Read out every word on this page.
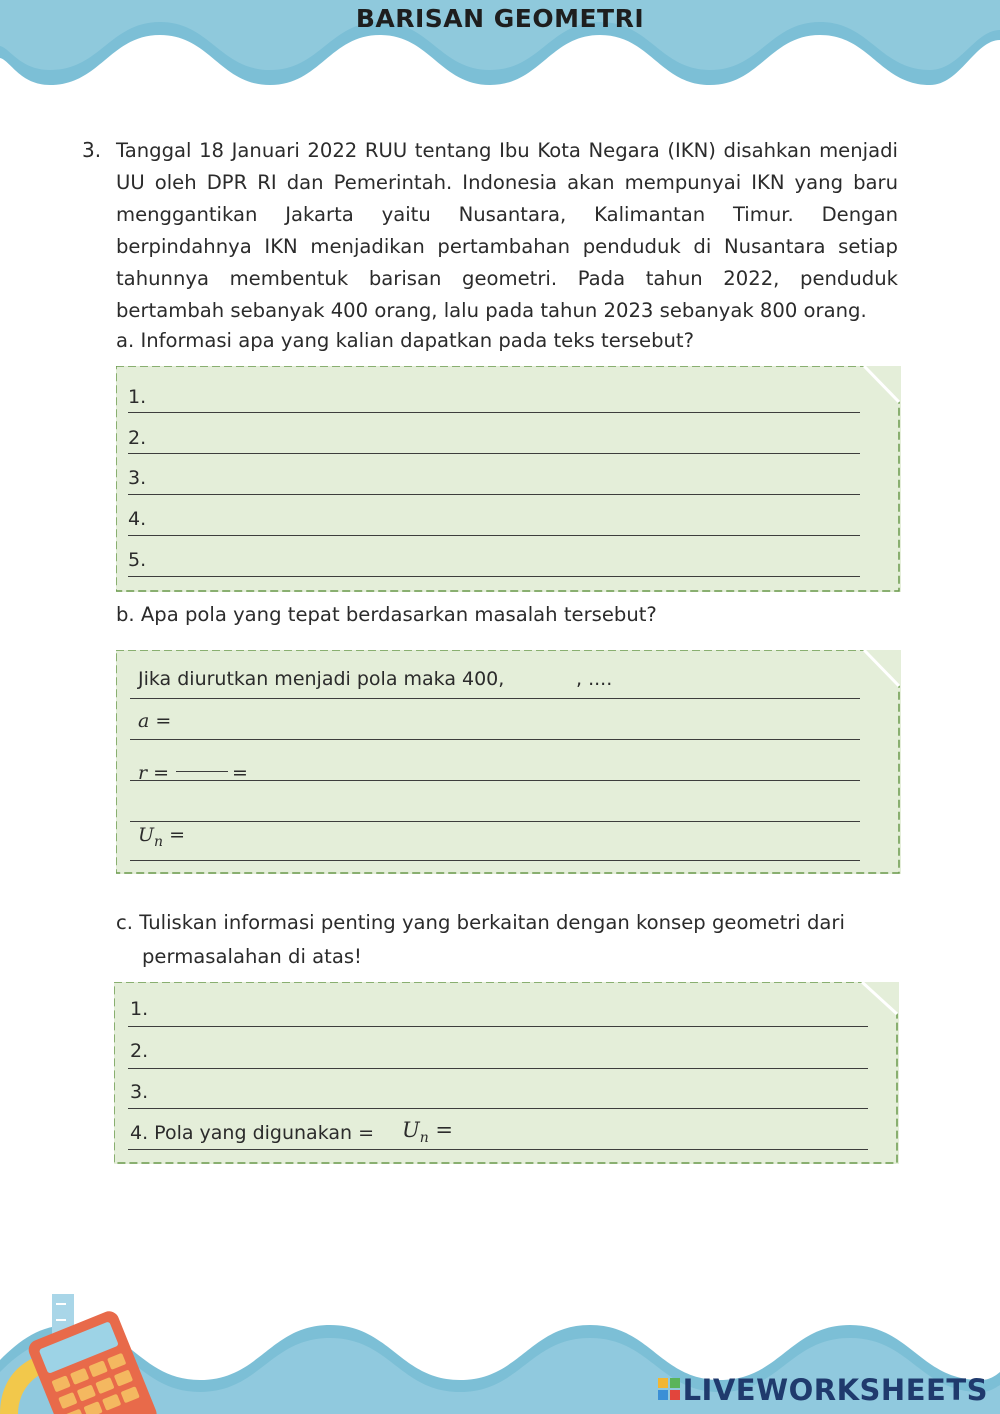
BARISAN GEOMETRI
3. Tanggal 18 Januari 2022 RUU tentang Ibu Kota Negara (IKN) disahkan menjadi
UU oleh DPR RI dan Pemerintah. Indonesia akan mempunyai IKN yang baru
menggantikan Jakarta yaitu Nusantara, Kalimantan Timur. Dengan
berpindahnya IKN menjadikan pertambahan penduduk di Nusantara setiap
tahunnya membentuk barisan geometri. Pada tahun 2022, penduduk
bertambah sebanyak 400 orang, lalu pada tahun 2023 sebanyak 800 orang.
a. Informasi apa yang kalian dapatkan pada teks tersebut?
1.
2.
3.
4.
5.
b. Apa pola yang tepat berdasarkan masalah tersebut?
Jika diurutkan menjadi pola maka 400,	, ....
a =
r =	=
$U_n$ =
c. Tuliskan informasi penting yang berkaitan dengan konsep geometri dari
permasalahan di atas!
1.
2.
3.
4. Pola yang digunakan = $U_n$ =
LIVEWORKSHEETS
